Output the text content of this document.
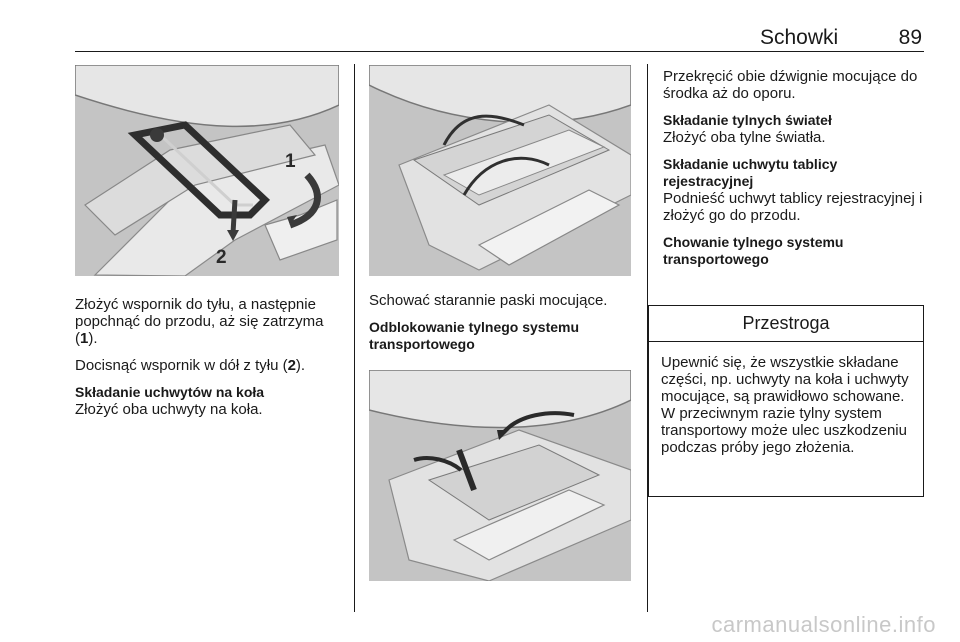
Schowki	89
1
2

Złożyć wspornik do tyłu, a następnie popchnąć do przodu, aż się zatrzyma (1).

Docisnąć wspornik w dół z tyłu (2).

Składanie uchwytów na koła

Złożyć oba uchwyty na koła.

Schować starannie paski mocujące.

Odblokowanie tylnego systemu
transportowego

Przekręcić obie dźwignie mocujące do środka aż do oporu.

Składanie tylnych świateł

Złożyć oba tylne światła.

Składanie uchwytu tablicy
rejestracyjnej

Podnieść uchwyt tablicy rejestracyjnej i złożyć go do przodu.

Chowanie tylnego systemu
transportowego
Przestroga
Upewnić się, że wszystkie składane części, np. uchwyty na koła i uchwyty mocujące, są prawidłowo schowane. W przeciwnym razie tylny system transportowy może ulec uszkodzeniu podczas próby jego złożenia.
carmanualsonline.info
